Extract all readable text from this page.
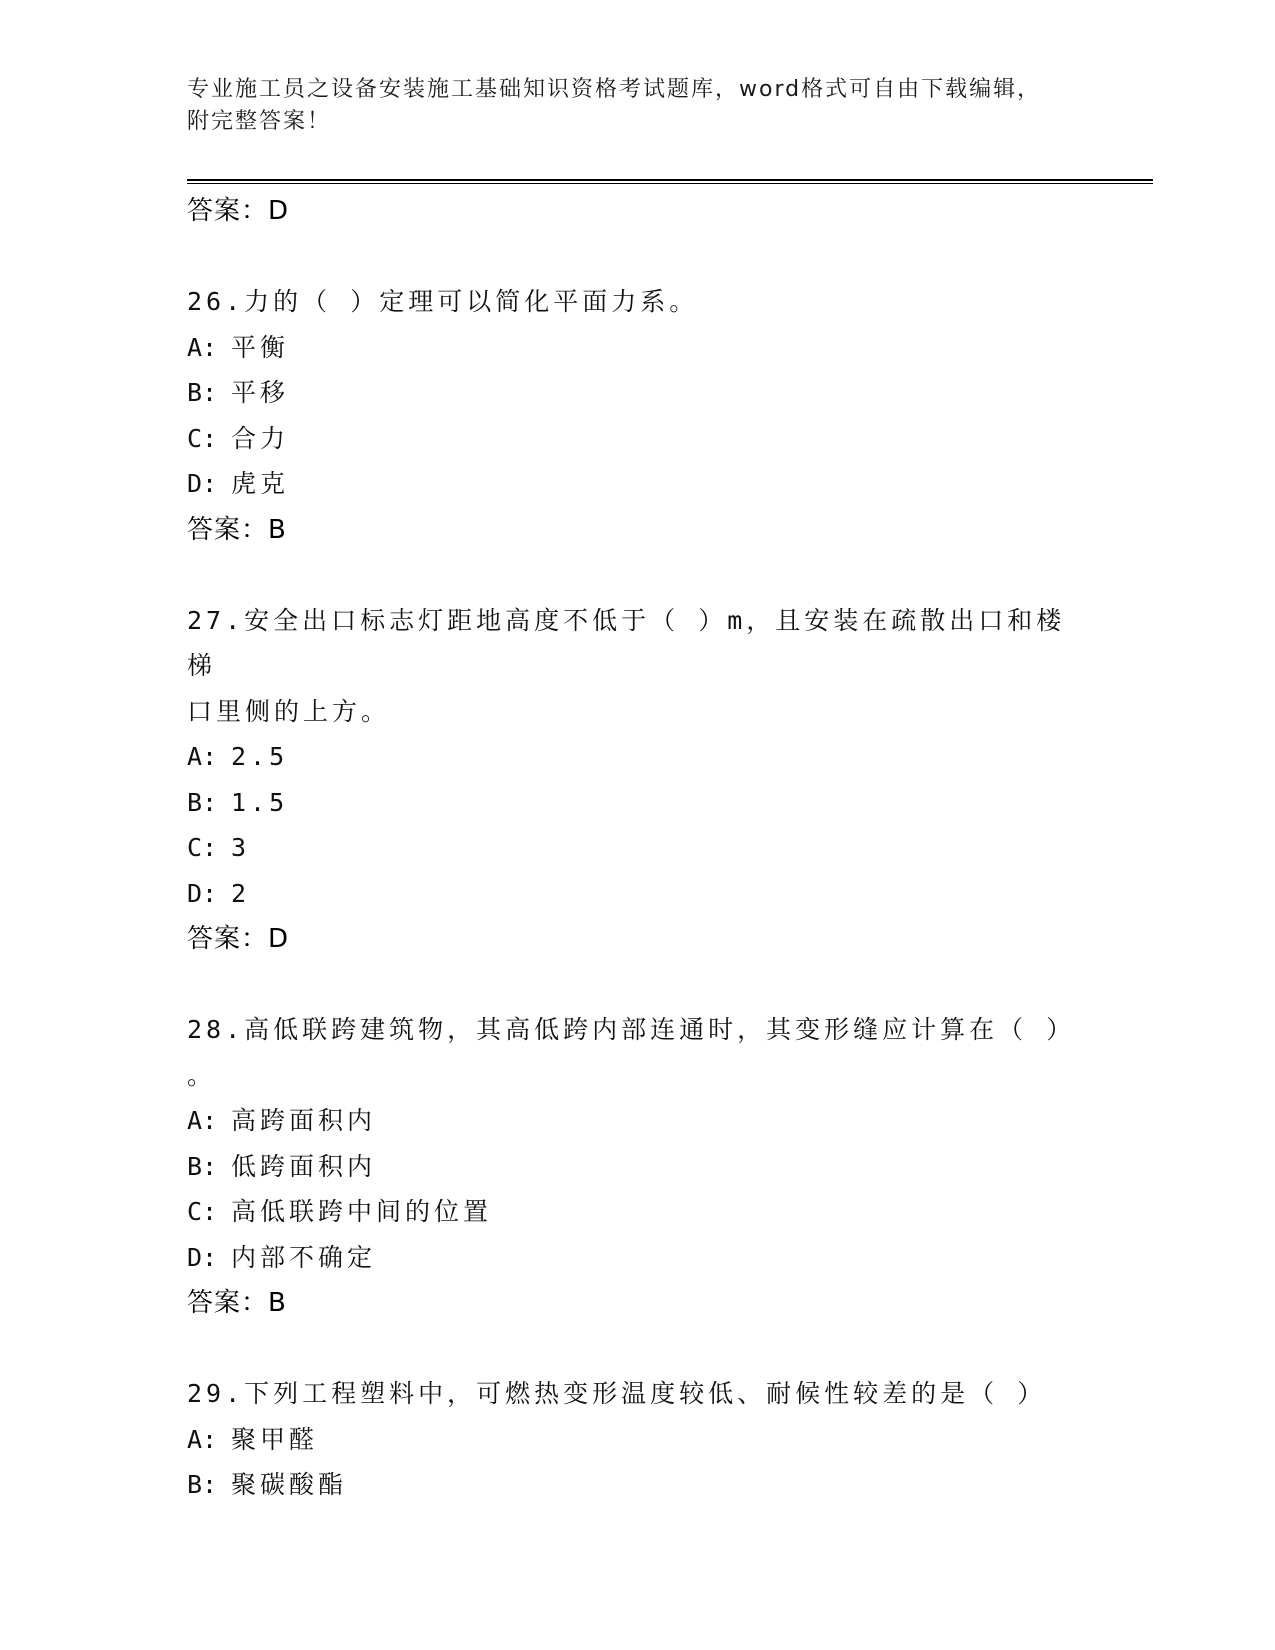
专业施工员之设备安装施工基础知识资格考试题库，word格式可自由下载编辑，
附完整答案！
答案：D
26.力的（ ）定理可以简化平面力系。
A: 平衡
B: 平移
C: 合力
D: 虎克
答案：B
27.安全出口标志灯距地高度不低于（ ）m，且安装在疏散出口和楼梯
口里侧的上方。
A: 2.5
B: 1.5
C: 3
D: 2
答案：D
28.高低联跨建筑物，其高低跨内部连通时，其变形缝应计算在（ ）
。
A: 高跨面积内
B: 低跨面积内
C: 高低联跨中间的位置
D: 内部不确定
答案：B
29.下列工程塑料中，可燃热变形温度较低、耐候性较差的是（ ）
A: 聚甲醛
B: 聚碳酸酯
